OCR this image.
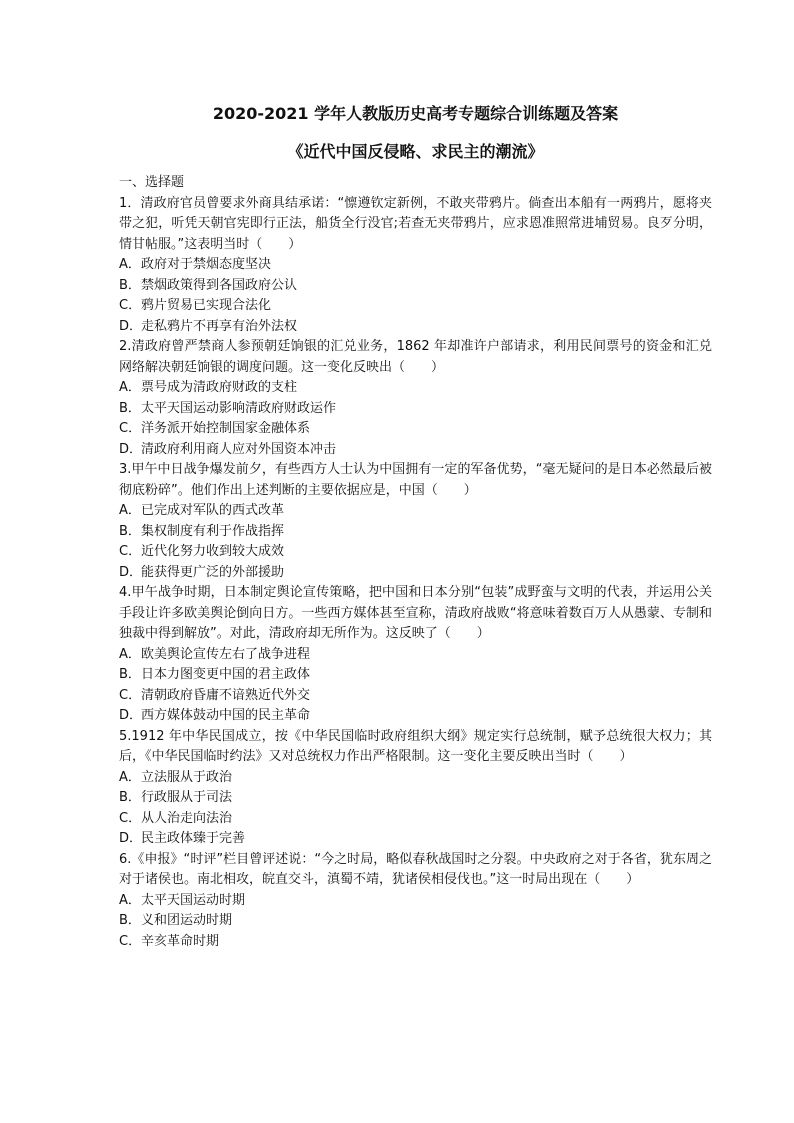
2020-2021 学年人教版历史高考专题综合训练题及答案

《近代中国反侵略、求民主的潮流》

一、选择题

1．清政府官员曾要求外商具结承诺：“懔遵钦定新例，不敢夹带鸦片。倘查出本船有一两鸦片，愿将夹带之犯，听凭天朝官宪即行正法，船货全行没官;若查无夹带鸦片，应求恩准照常进埔贸易。良歹分明，情甘帖服。”这表明当时（　　）

A．政府对于禁烟态度坚决

B．禁烟政策得到各国政府公认

C．鸦片贸易已实现合法化

D．走私鸦片不再享有治外法权

2.清政府曾严禁商人参预朝廷饷银的汇兑业务，1862 年却准许户部请求，利用民间票号的资金和汇兑网络解决朝廷饷银的调度问题。这一变化反映出（　　）

A．票号成为清政府财政的支柱

B．太平天国运动影响清政府财政运作

C．洋务派开始控制国家金融体系

D．清政府利用商人应对外国资本冲击

3.甲午中日战争爆发前夕，有些西方人士认为中国拥有一定的军备优势，“毫无疑问的是日本必然最后被彻底粉碎”。他们作出上述判断的主要依据应是，中国（　　）

A．已完成对军队的西式改革

B．集权制度有利于作战指挥

C．近代化努力收到较大成效

D．能获得更广泛的外部援助

4.甲午战争时期，日本制定舆论宣传策略，把中国和日本分别“包装”成野蛮与文明的代表，并运用公关手段让许多欧美舆论倒向日方。一些西方媒体甚至宣称，清政府战败“将意味着数百万人从愚蒙、专制和独裁中得到解放”。对此，清政府却无所作为。这反映了（　　）

A．欧美舆论宣传左右了战争进程

B．日本力图变更中国的君主政体

C．清朝政府昏庸不谙熟近代外交

D．西方媒体鼓动中国的民主革命

5.1912 年中华民国成立，按《中华民国临时政府组织大纲》规定实行总统制，赋予总统很大权力；其后，《中华民国临时约法》又对总统权力作出严格限制。这一变化主要反映出当时（　　）

A．立法服从于政治

B．行政服从于司法

C．从人治走向法治

D．民主政体臻于完善

6.《申报》“时评”栏目曾评述说：“今之时局，略似春秋战国时之分裂。中央政府之对于各省，犹东周之对于诸侯也。南北相攻，皖直交斗，滇蜀不靖，犹诸侯相侵伐也。”这一时局出现在（　　）

A．太平天国运动时期

B．义和团运动时期

C．辛亥革命时期
